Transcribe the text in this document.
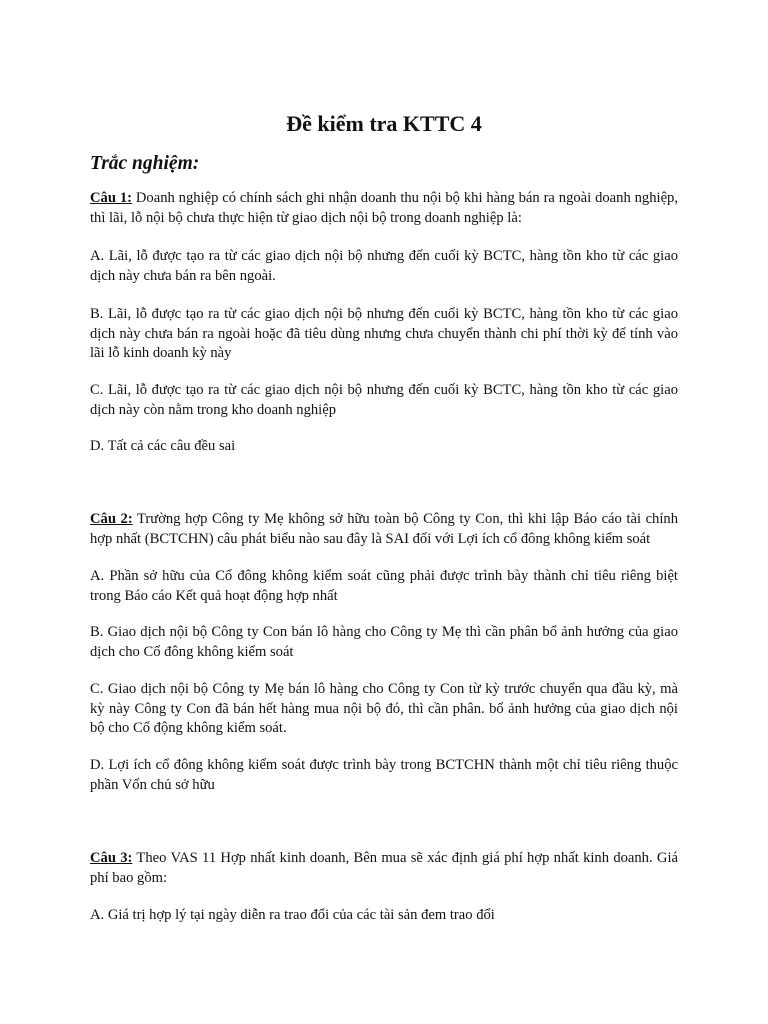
Đề kiểm tra KTTC 4
Trắc nghiệm:

Câu 1: Doanh nghiệp có chính sách ghi nhận doanh thu nội bộ khi hàng bán ra ngoài doanh nghiệp, thì lãi, lỗ nội bộ chưa thực hiện từ giao dịch nội bộ trong doanh nghiệp là:

A. Lãi, lỗ được tạo ra từ các giao dịch nội bộ nhưng đến cuối kỳ BCTC, hàng tồn kho từ các giao dịch này chưa bán ra bên ngoài.

B. Lãi, lỗ được tạo ra từ các giao dịch nội bộ nhưng đến cuối kỳ BCTC, hàng tồn kho từ các giao dịch này chưa bán ra ngoài hoặc đã tiêu dùng nhưng chưa chuyển thành chi phí thời kỳ để tính vào lãi lỗ kinh doanh kỳ này

C. Lãi, lỗ được tạo ra từ các giao dịch nội bộ nhưng đến cuối kỳ BCTC, hàng tồn kho từ các giao dịch này còn nằm trong kho doanh nghiệp

D. Tất cả các câu đều sai

Câu 2: Trường hợp Công ty Mẹ không sở hữu toàn bộ Công ty Con, thì khi lập Báo cáo tài chính hợp nhất (BCTCHN) câu phát biểu nào sau đây là SAI đối với Lợi ích cổ đông không kiểm soát

A. Phần sở hữu của Cổ đông không kiểm soát cũng phải được trình bày thành chỉ tiêu riêng biệt trong Báo cáo Kết quả hoạt động hợp nhất

B. Giao dịch nội bộ Công ty Con bán lô hàng cho Công ty Mẹ thì cần phân bổ ảnh hưởng của giao dịch cho Cổ đông không kiểm soát

C. Giao dịch nội bộ Công ty Mẹ bán lô hàng cho Công ty Con từ kỳ trước chuyển qua đầu kỳ, mà kỳ này Công ty Con đã bán hết hàng mua nội bộ đó, thì cần phân. bổ ảnh hưởng của giao dịch nội bộ cho Cổ động không kiểm soát.

D. Lợi ích cổ đông không kiểm soát được trình bày trong BCTCHN thành một chỉ tiêu riêng thuộc phần Vốn chủ sở hữu

Câu 3: Theo VAS 11 Hợp nhất kinh doanh, Bên mua sẽ xác định giá phí hợp nhất kinh doanh. Giá phí bao gồm:

A. Giá trị hợp lý tại ngày diễn ra trao đổi của các tài sản đem trao đổi
